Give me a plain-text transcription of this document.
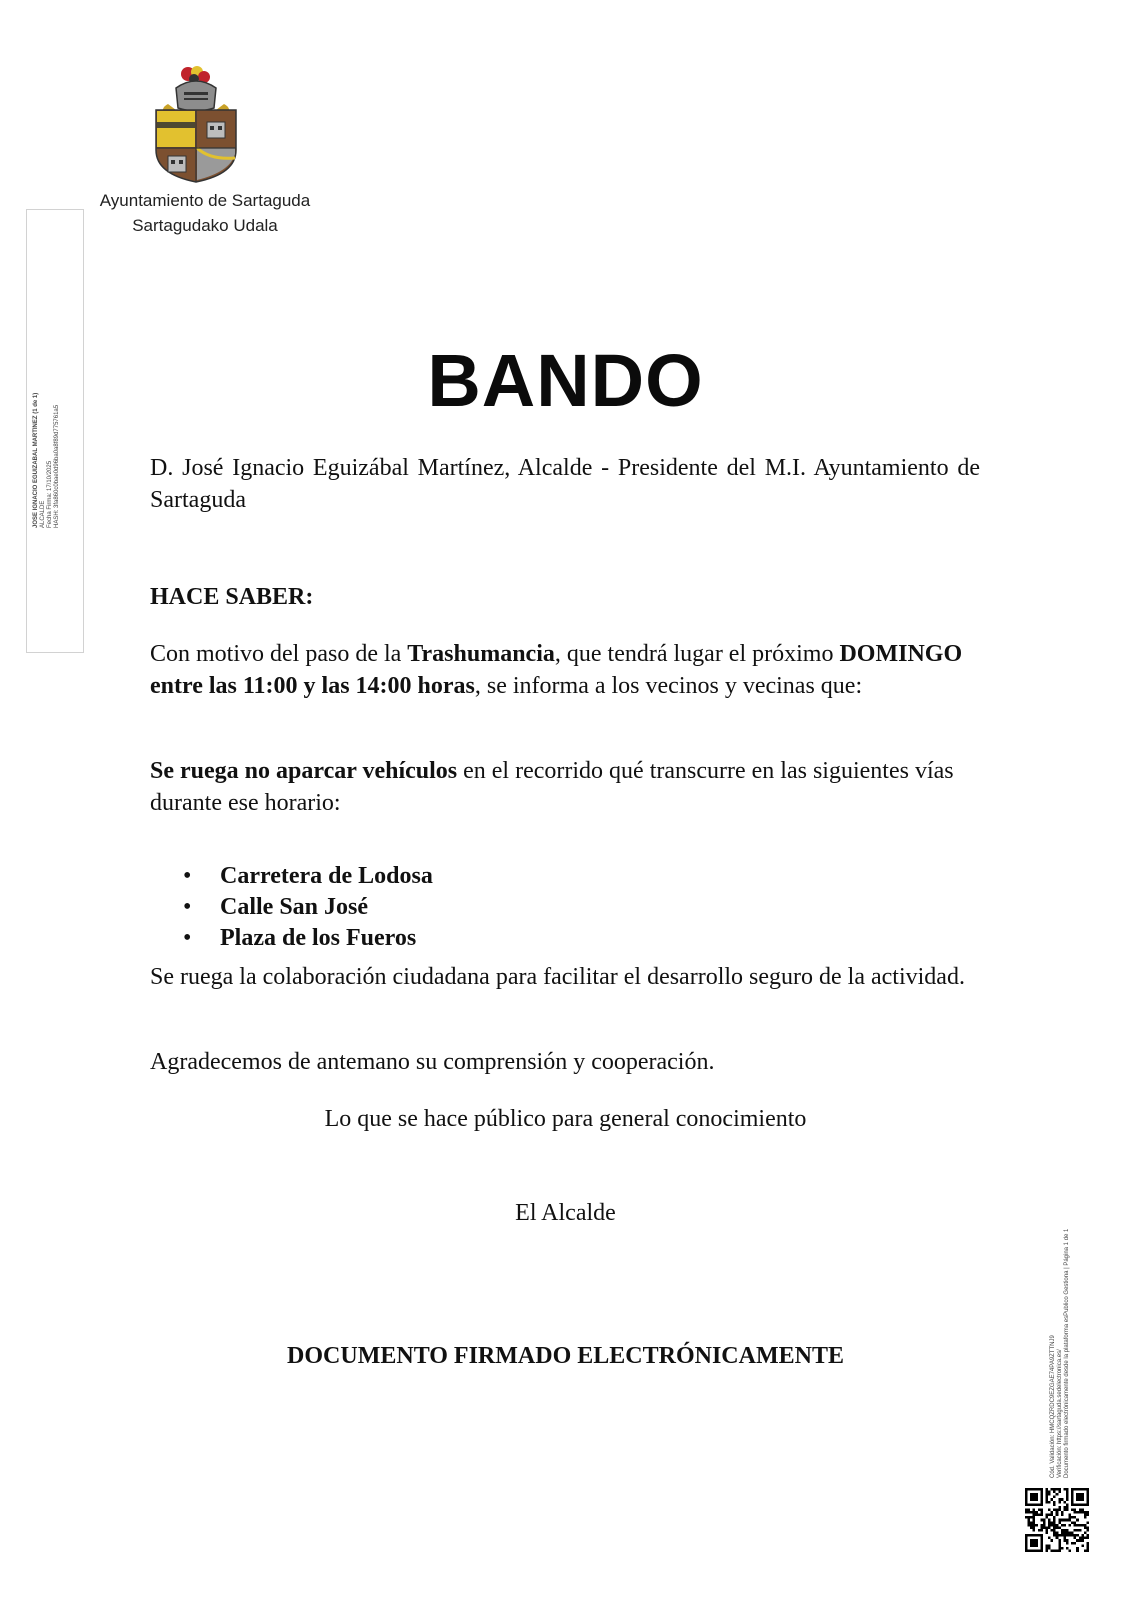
Ayuntamiento de Sartaguda
Sartagudako Udala
JOSE IGNACIO EGUIZABAL MARTINEZ (1 de 1) ALCALDE Fecha Firma: 17/10/2025 HASH: 3fa860c0bae0d96ba0a8f89d775761a5
BANDO
D. José Ignacio Eguizábal Martínez, Alcalde - Presidente del M.I. Ayuntamiento de Sartaguda
HACE SABER:
Con motivo del paso de la Trashumancia, que tendrá lugar el próximo DOMINGO entre las 11:00 y las 14:00 horas, se informa a los vecinos y vecinas que:
Se ruega no aparcar vehículos en el recorrido qué transcurre en las siguientes vías durante ese horario:
• Carretera de Lodosa
• Calle San José
• Plaza de los Fueros
Se ruega la colaboración ciudadana para facilitar el desarrollo seguro de la actividad.
Agradecemos de antemano su comprensión y cooperación.
Lo que se hace público para general conocimiento
El Alcalde
DOCUMENTO FIRMADO ELECTRÓNICAMENTE	Cód. Validación: HMCQZRDC9EZGAE74PA9ZTTNJ9 Verificación: https://sartaguda.sedelectronica.es/ Documento firmado electrónicamente desde la plataforma esPublico Gestiona | Página 1 de 1
